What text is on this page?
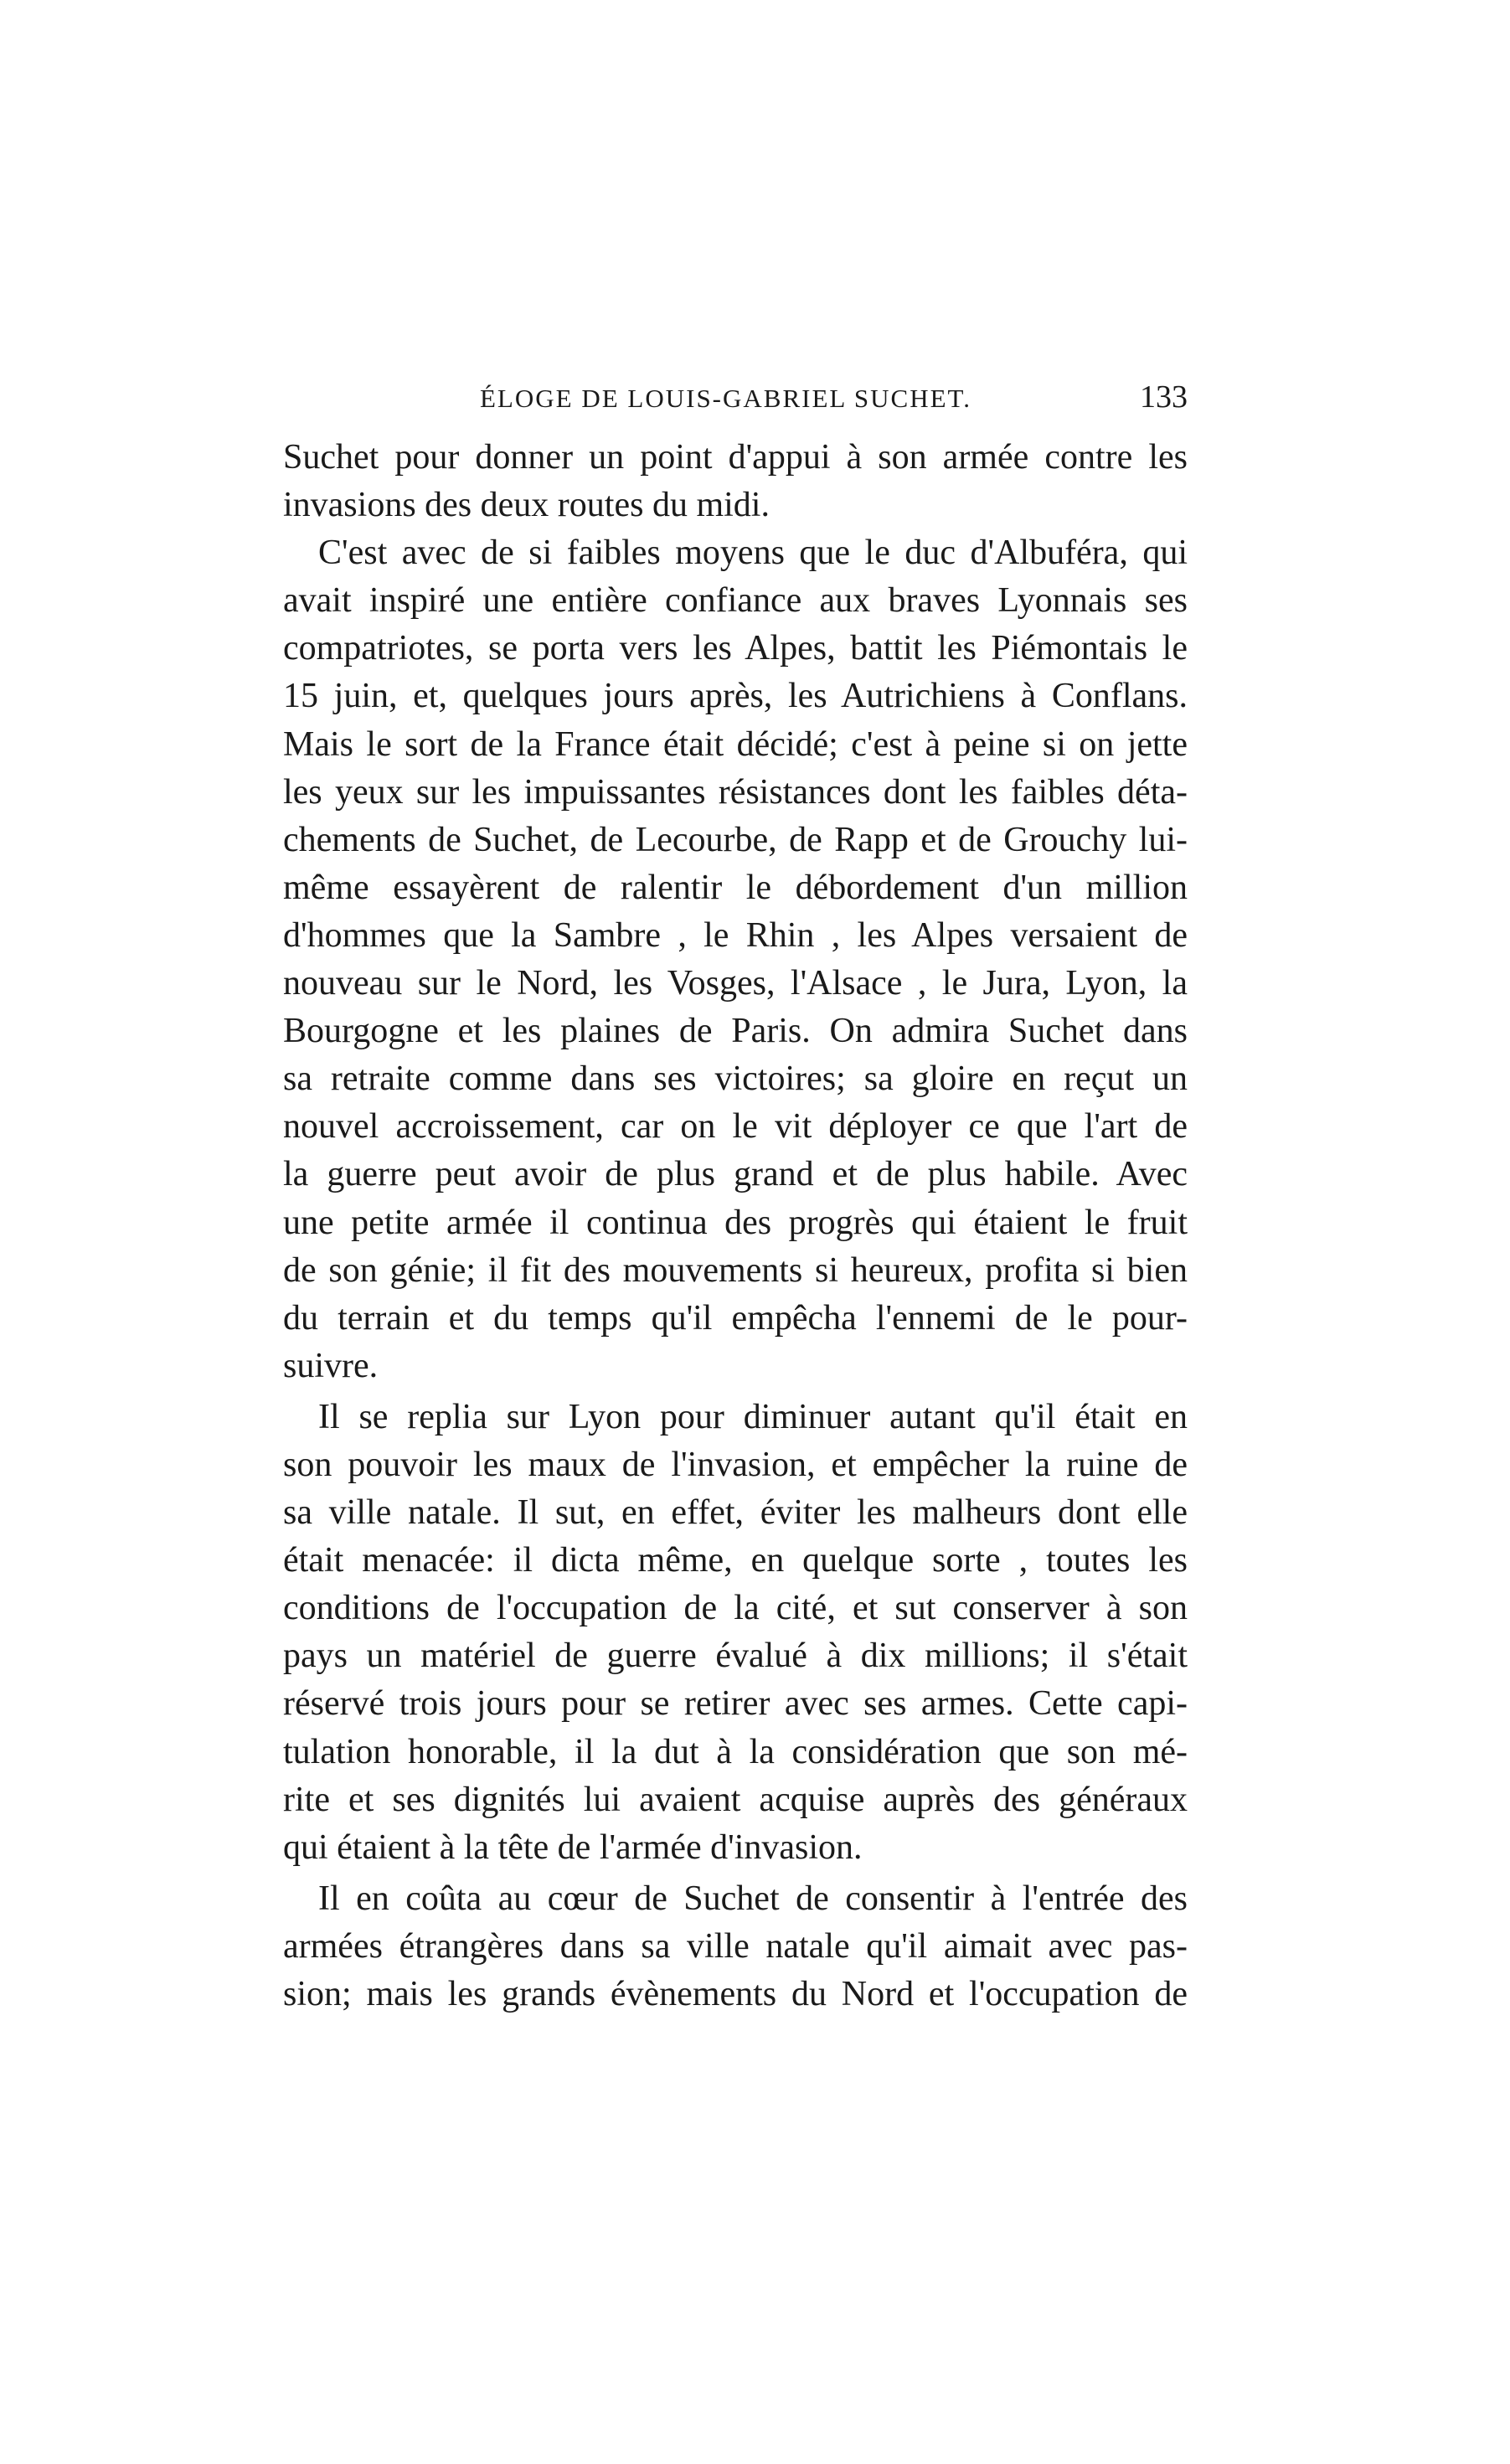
ÉLOGE DE LOUIS-GABRIEL SUCHET.	133
Suchet pour donner un point d'appui à son armée contre les
invasions des deux routes du midi.
C'est avec de si faibles moyens que le duc d'Albuféra, qui
avait inspiré une entière confiance aux braves Lyonnais ses
compatriotes, se porta vers les Alpes, battit les Piémontais le
15 juin, et, quelques jours après, les Autrichiens à Conflans.
Mais le sort de la France était décidé; c'est à peine si on jette
les yeux sur les impuissantes résistances dont les faibles déta-
chements de Suchet, de Lecourbe, de Rapp et de Grouchy lui-
même essayèrent de ralentir le débordement d'un million
d'hommes que la Sambre , le Rhin , les Alpes versaient de
nouveau sur le Nord, les Vosges, l'Alsace , le Jura, Lyon, la
Bourgogne et les plaines de Paris. On admira Suchet dans
sa retraite comme dans ses victoires; sa gloire en reçut un
nouvel accroissement, car on le vit déployer ce que l'art de
la guerre peut avoir de plus grand et de plus habile. Avec
une petite armée il continua des progrès qui étaient le fruit
de son génie; il fit des mouvements si heureux, profita si bien
du terrain et du temps qu'il empêcha l'ennemi de le pour-
suivre.
Il se replia sur Lyon pour diminuer autant qu'il était en
son pouvoir les maux de l'invasion, et empêcher la ruine de
sa ville natale. Il sut, en effet, éviter les malheurs dont elle
était menacée: il dicta même, en quelque sorte , toutes les
conditions de l'occupation de la cité, et sut conserver à son
pays un matériel de guerre évalué à dix millions; il s'était
réservé trois jours pour se retirer avec ses armes. Cette capi-
tulation honorable, il la dut à la considération que son mé-
rite et ses dignités lui avaient acquise auprès des généraux
qui étaient à la tête de l'armée d'invasion.
Il en coûta au cœur de Suchet de consentir à l'entrée des
armées étrangères dans sa ville natale qu'il aimait avec pas-
sion; mais les grands évènements du Nord et l'occupation de
